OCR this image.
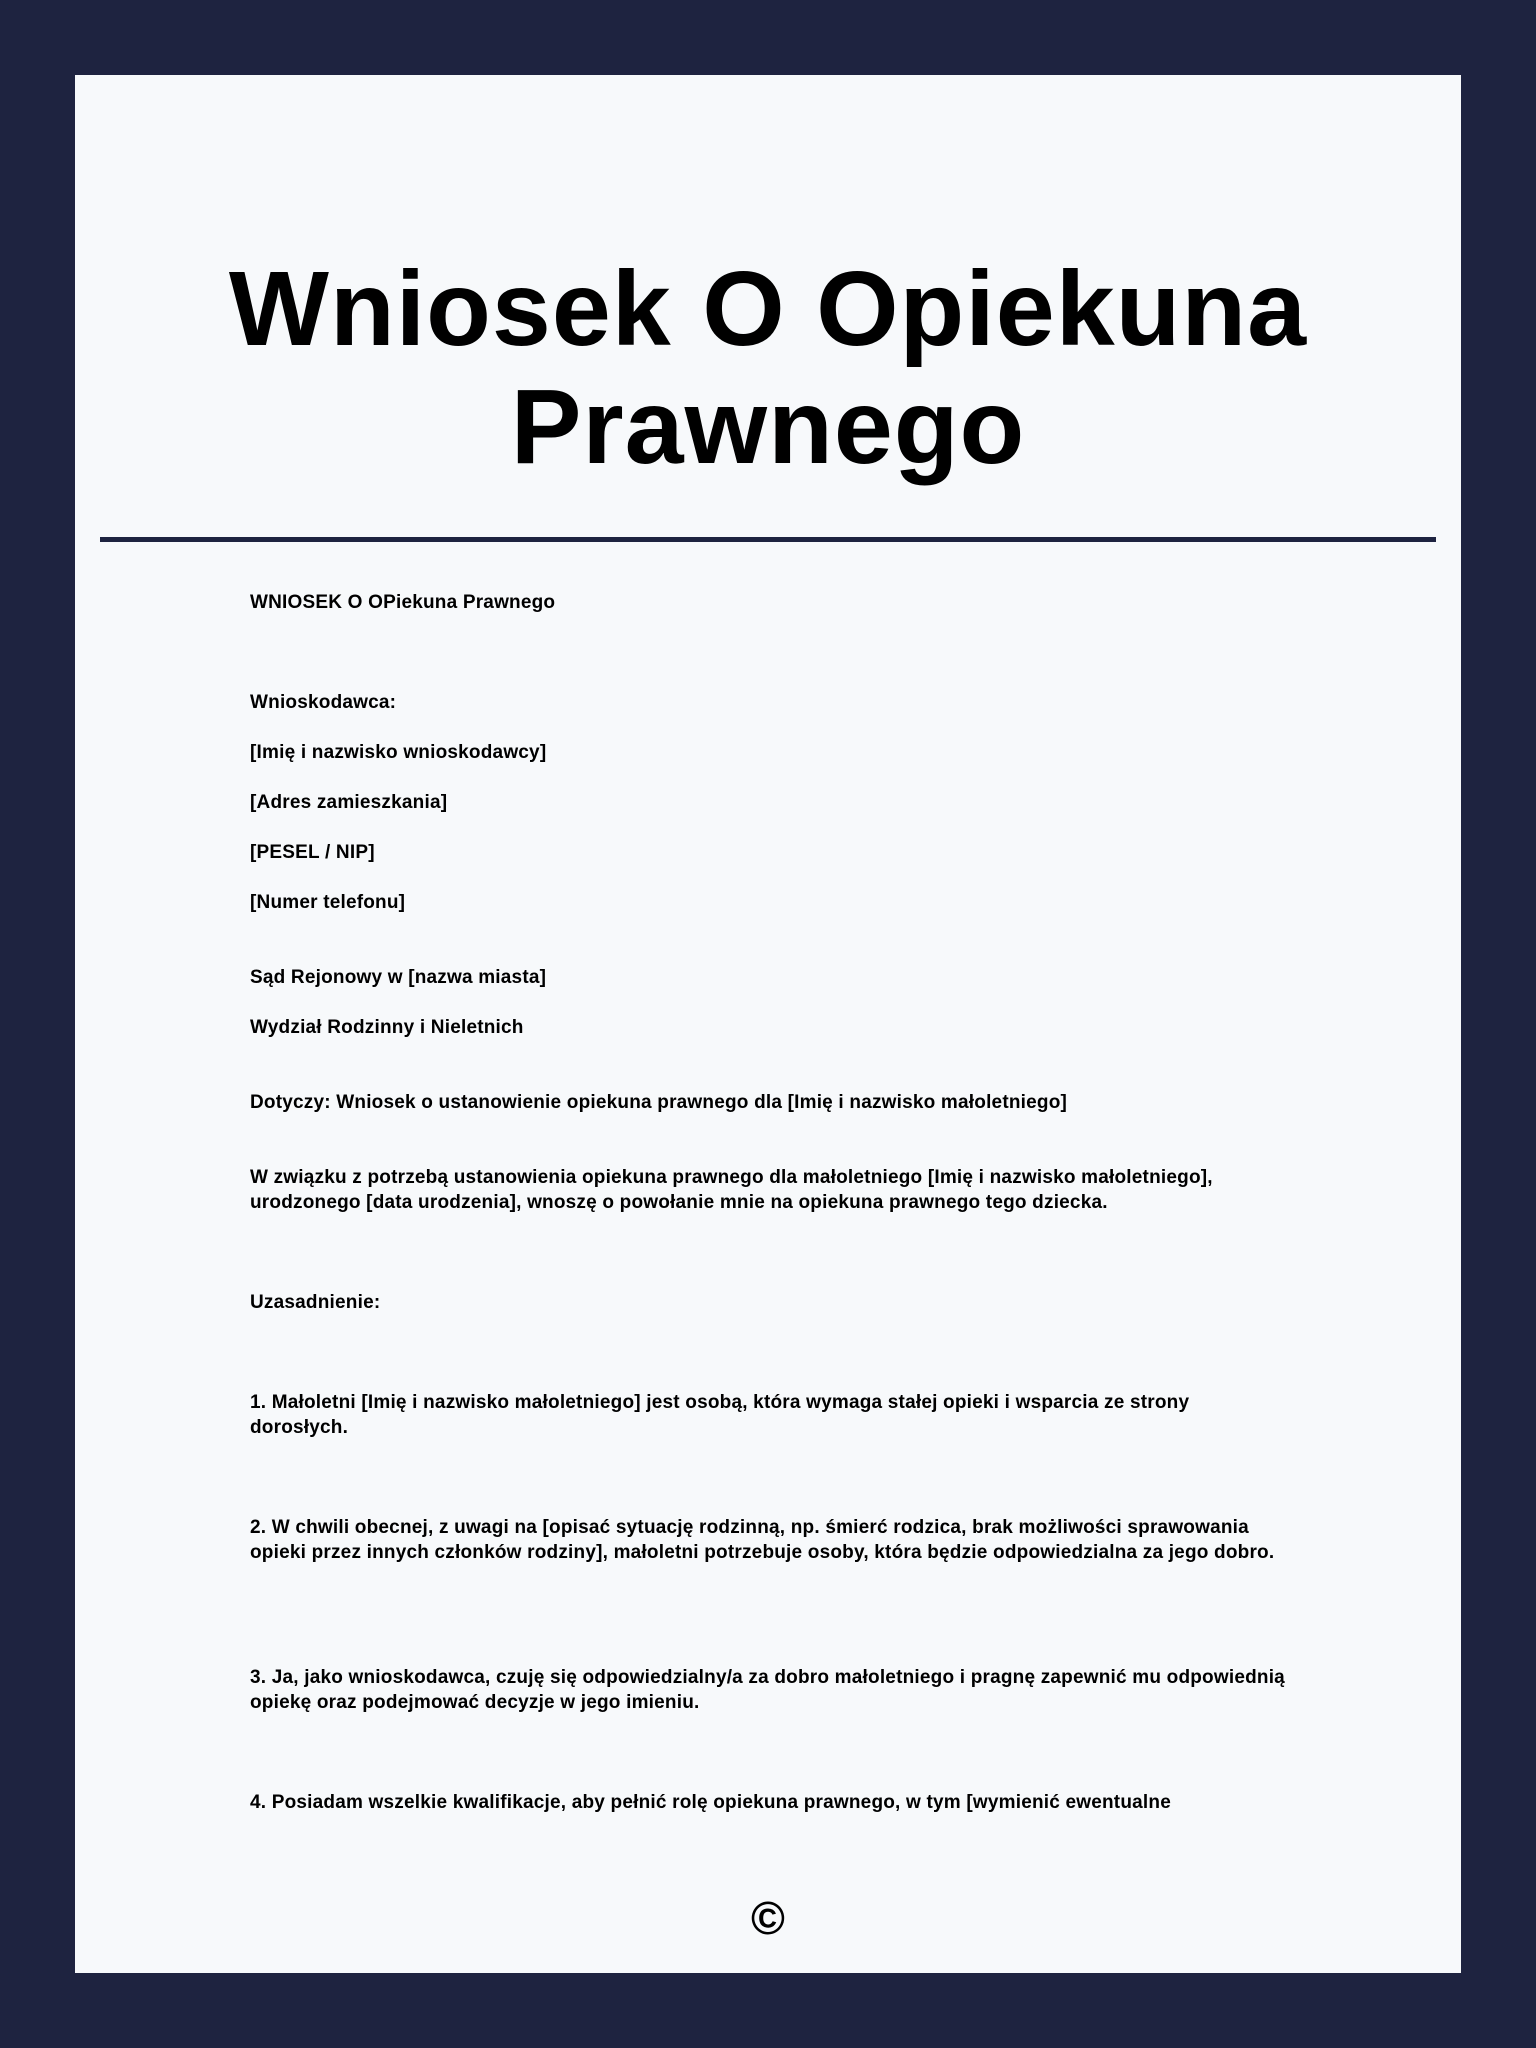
Wniosek O Opiekuna Prawnego

WNIOSEK O OPiekuna Prawnego

Wnioskodawca:

[Imię i nazwisko wnioskodawcy]

[Adres zamieszkania]

[PESEL / NIP]

[Numer telefonu]

Sąd Rejonowy w [nazwa miasta]

Wydział Rodzinny i Nieletnich

Dotyczy: Wniosek o ustanowienie opiekuna prawnego dla [Imię i nazwisko małoletniego]

W związku z potrzebą ustanowienia opiekuna prawnego dla małoletniego [Imię i nazwisko małoletniego], urodzonego [data urodzenia], wnoszę o powołanie mnie na opiekuna prawnego tego dziecka.

Uzasadnienie:

1. Małoletni [Imię i nazwisko małoletniego] jest osobą, która wymaga stałej opieki i wsparcia ze strony dorosłych.

2. W chwili obecnej, z uwagi na [opisać sytuację rodzinną, np. śmierć rodzica, brak możliwości sprawowania opieki przez innych członków rodziny], małoletni potrzebuje osoby, która będzie odpowiedzialna za jego dobro.

3. Ja, jako wnioskodawca, czuję się odpowiedzialny/a za dobro małoletniego i pragnę zapewnić mu odpowiednią opiekę oraz podejmować decyzje w jego imieniu.

4. Posiadam wszelkie kwalifikacje, aby pełnić rolę opiekuna prawnego, w tym [wymienić ewentualne

©
